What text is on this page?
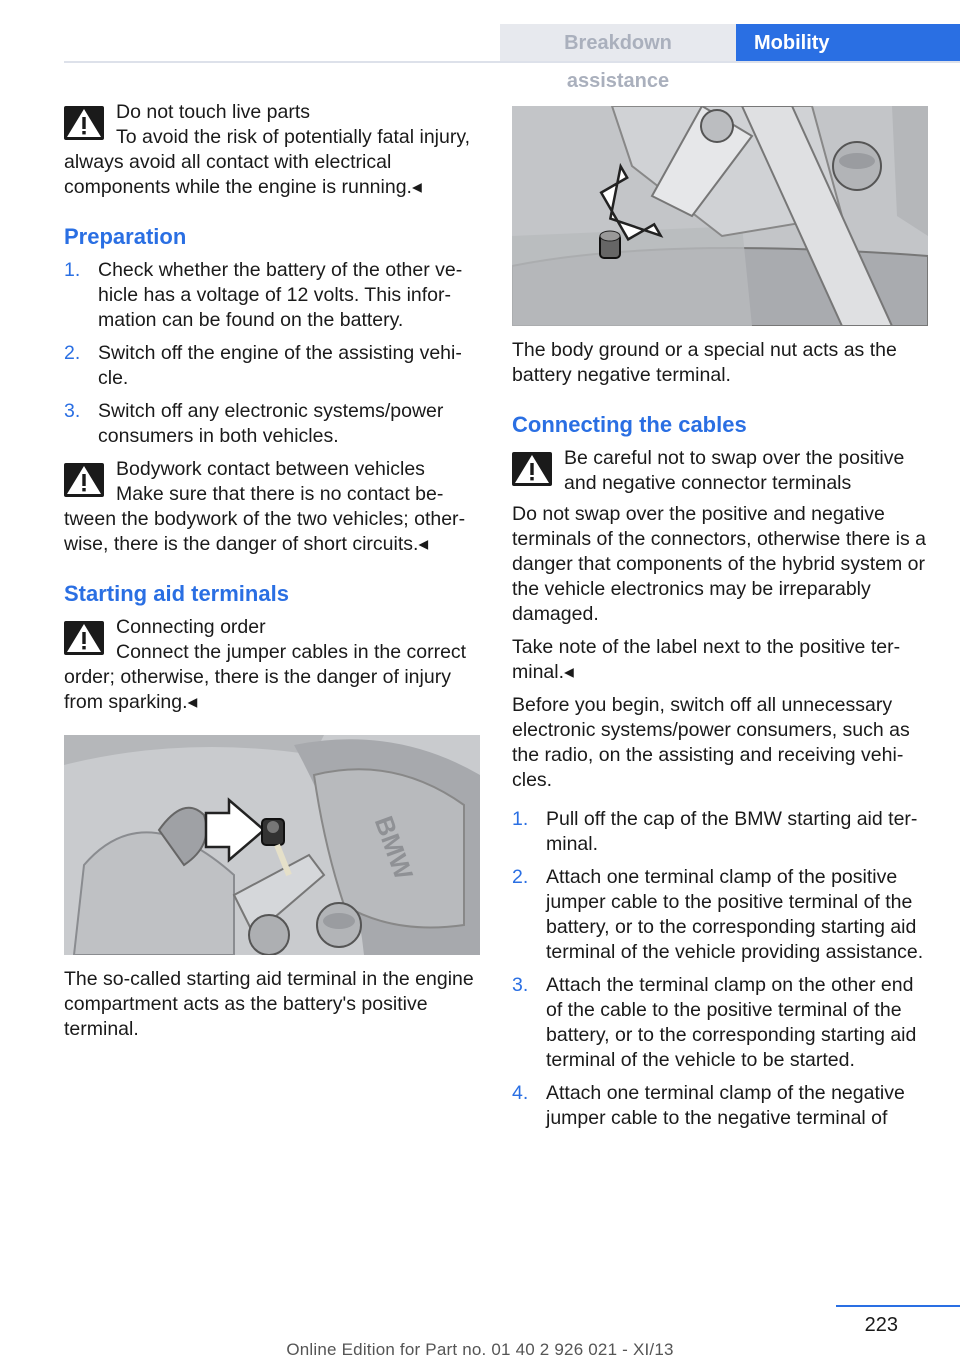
Breakdown assistance
Mobility
Do not touch live parts
To avoid the risk of potentially fatal injury, always avoid all contact with electrical components while the engine is running.◂
Preparation
1. Check whether the battery of the other vehicle has a voltage of 12 volts. This information can be found on the battery.
2. Switch off the engine of the assisting vehicle.
3. Switch off any electronic systems/power consumers in both vehicles.
Bodywork contact between vehicles
Make sure that there is no contact between the bodywork of the two vehicles; otherwise, there is the danger of short circuits.◂
Starting aid terminals
Connecting order
Connect the jumper cables in the correct order; otherwise, there is the danger of injury from sparking.◂
BMW
The so-called starting aid terminal in the engine compartment acts as the battery's positive terminal.
The body ground or a special nut acts as the battery negative terminal.
Connecting the cables
Be careful not to swap over the positive and negative connector terminals

Do not swap over the positive and negative terminals of the connectors, otherwise there is a danger that components of the hybrid system or the vehicle electronics may be irreparably damaged.

Take note of the label next to the positive terminal.◂

Before you begin, switch off all unnecessary electronic systems/power consumers, such as the radio, on the assisting and receiving vehicles.

1. Pull off the cap of the BMW starting aid terminal.
2. Attach one terminal clamp of the positive jumper cable to the positive terminal of the battery, or to the corresponding starting aid terminal of the vehicle providing assistance.
3. Attach the terminal clamp on the other end of the cable to the positive terminal of the battery, or to the corresponding starting aid terminal of the vehicle to be started.
4. Attach one terminal clamp of the negative jumper cable to the negative terminal of
223
Online Edition for Part no. 01 40 2 926 021 - XI/13
